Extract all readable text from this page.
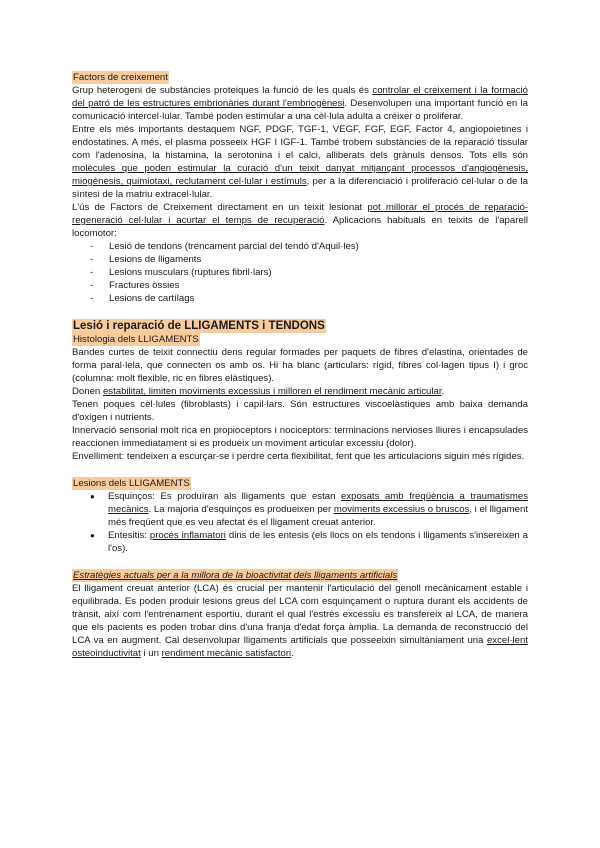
Factors de creixement

Grup heterogeni de substàncies proteiques la funció de les quals és controlar el creixement i la formació del patró de les estructures embrionàries durant l'embriogènesi. Desenvolupen una important funció en la comunicació intercel·lular. També poden estimular a una cèl·lula adulta a créixer o proliferar.

Entre els més importants destaquem NGF, PDGF, TGF-1, VEGF, FGF, EGF, Factor 4, angiopoietines i endostatines. A més, el plasma posseeix HGF I IGF-1. També trobem substàncies de la reparació tissular com l'adenosina, la histamina, la serotonina i el calci, alliberats dels grànuls densos. Tots ells són molècules que poden estimular la curació d'un teixit danyat mitjançant processos d'angiogènesis, miogènesis, quimiotaxi, reclutament cel·lular i estímuls, per a la diferenciació i proliferació cel·lular o de la síntesi de la matriu extracel·lular.

L'ús de Factors de Creixement directament en un teixit lesionat pot millorar el procés de reparació-regeneració cel·lular i acurtar el temps de recuperació. Aplicacions habituals en teixits de l'aparell locomotor:

- Lesió de tendons (trencament parcial del tendó d'Aquil·les)
- Lesions de lligaments
- Lesions musculars (ruptures fibril·lars)
- Fractures òssies
- Lesions de cartílags
Lesió i reparació de LLIGAMENTS i TENDONS
Histologia dels LLIGAMENTS

Bandes curtes de teixit connectiu dens regular formades per paquets de fibres d'elastina, orientades de forma paral·lela, que connecten os amb os. Hi ha blanc (articulars: rígid, fibres col·lagen tipus I) i groc (columna: molt flexible, ric en fibres elàstiques).

Donen estabilitat, limiten moviments excessius i milloren el rendiment mecànic articular.

Tenen poques cèl·lules (fibroblasts) i capil·lars. Són estructures viscoelàstiques amb baixa demanda d'oxigen i nutrients.

Innervació sensorial molt rica en propioceptors i nociceptors: terminacions nervioses lliures i encapsulades reaccionen immediatament si es produeix un moviment articular excessiu (dolor).

Envelliment: tendeixen a escurçar-se i perdre certa flexibilitat, fent que les articulacions siguin més rígides.

Lesions dels LLIGAMENTS
● Esquinços: Es produïran als lligaments que estan exposats amb freqüència a traumatismes mecànics. La majoria d'esquinços es produeixen per moviments excessius o bruscos, i el lligament més freqüent que es veu afectat és el lligament creuat anterior.
● Entesitis: procés inflamatori dins de les entesis (els llocs on els tendons i lligaments s'insereixen a l'os).
Estratègies actuals per a la millora de la bioactivitat dels lligaments artificials

El lligament creuat anterior (LCA) és crucial per mantenir l'articulació del genoll mecànicament estable i equilibrada. Es poden produir lesions greus del LCA com esquinçament o ruptura durant els accidents de trànsit, així com l'entrenament esportiu, durant el qual l'estrès excessiu es transfereix al LCA, de manera que els pacients es poden trobar dins d'una franja d'edat força àmplia. La demanda de reconstrucció del LCA va en augment. Cal desenvolupar lligaments artificials que posseeixin simultàniament una excel·lent osteoinductivitat i un rendiment mecànic satisfactori.
